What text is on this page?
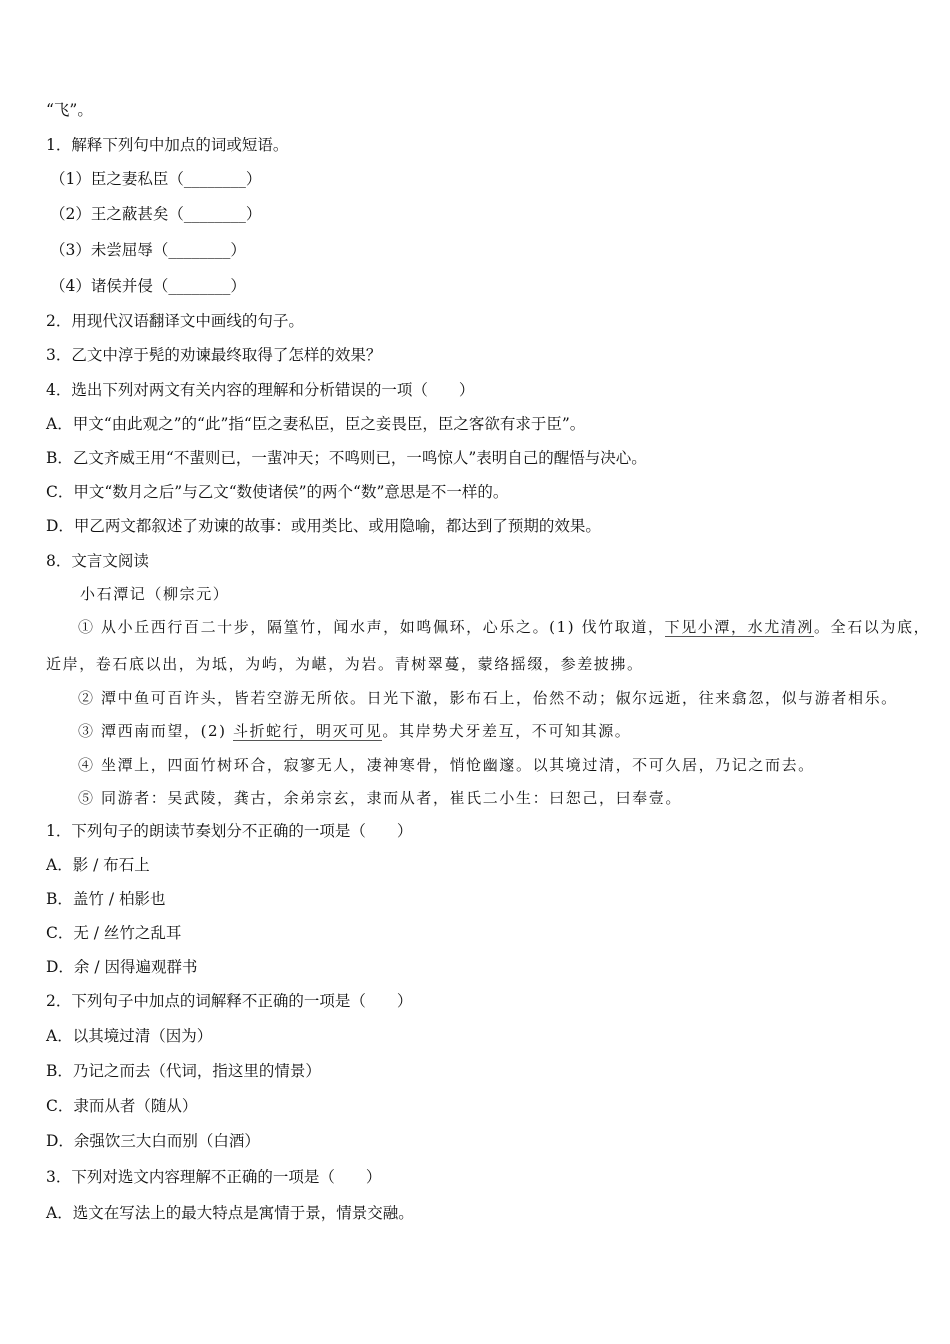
“飞”。
1．解释下列句中加点的词或短语。
（1）臣之妻私臣（________）
（2）王之蔽甚矣（________）
（3）未尝屈辱（________）
（4）诸侯并侵（________）
2．用现代汉语翻译文中画线的句子。
3．乙文中淳于髡的劝谏最终取得了怎样的效果？
4．选出下列对两文有关内容的理解和分析错误的一项（　　）
A．甲文“由此观之”的“此”指“臣之妻私臣，臣之妾畏臣，臣之客欲有求于臣”。
B．乙文齐威王用“不蜚则已，一蜚冲天；不鸣则已，一鸣惊人”表明自己的醒悟与决心。
C．甲文“数月之后”与乙文“数使诸侯”的两个“数”意思是不一样的。
D．甲乙两文都叙述了劝谏的故事：或用类比、或用隐喻，都达到了预期的效果。
8．文言文阅读
小石潭记（柳宗元）
① 从小丘西行百二十步，隔篁竹，闻水声，如鸣佩环，心乐之。(1) 伐竹取道，下见小潭，水尤清冽。全石以为底，
近岸，卷石底以出，为坻，为屿，为嵁，为岩。青树翠蔓，蒙络摇缀，参差披拂。
② 潭中鱼可百许头，皆若空游无所依。日光下澈，影布石上，佁然不动；俶尔远逝，往来翕忽，似与游者相乐。
③ 潭西南而望，(2) 斗折蛇行，明灭可见。其岸势犬牙差互，不可知其源。
④ 坐潭上，四面竹树环合，寂寥无人，凄神寒骨，悄怆幽邃。以其境过清，不可久居，乃记之而去。
⑤ 同游者：吴武陵，龚古，余弟宗玄，隶而从者，崔氏二小生：曰恕己，曰奉壹。
1．下列句子的朗读节奏划分不正确的一项是（　　）
A．影 / 布石上
B．盖竹 / 柏影也
C．无 / 丝竹之乱耳
D．余 / 因得遍观群书
2．下列句子中加点的词解释不正确的一项是（　　）
A．以其境过清（因为）
B．乃记之而去（代词，指这里的情景）
C．隶而从者（随从）
D．余强饮三大白而别（白酒）
3．下列对选文内容理解不正确的一项是（　　）
A．选文在写法上的最大特点是寓情于景，情景交融。
